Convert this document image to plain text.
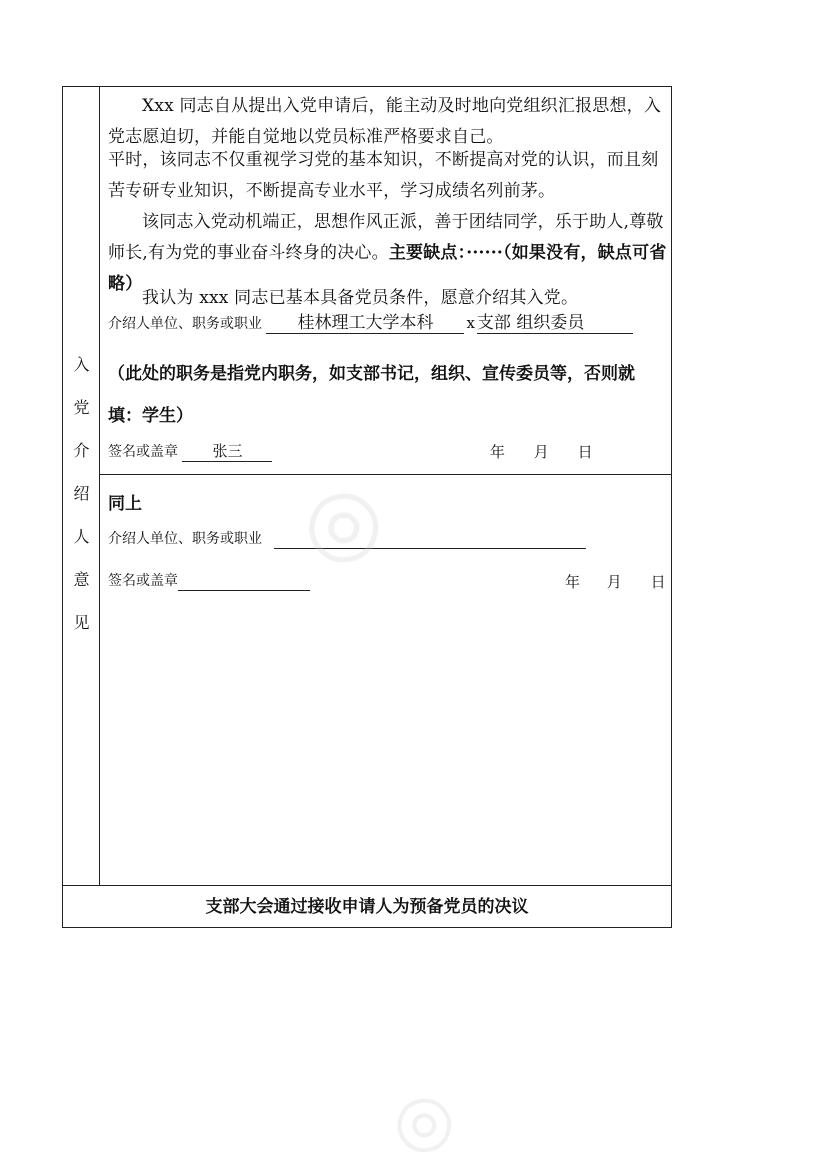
入
党
介
绍
人
意
见
Xxx 同志自从提出入党申请后，能主动及时地向党组织汇报思想，入党志愿迫切，并能自觉地以党员标准严格要求自己。
平时，该同志不仅重视学习党的基本知识，不断提高对党的认识，而且刻苦专研专业知识，不断提高专业水平，学习成绩名列前茅。
该同志入党动机端正，思想作风正派，善于团结同学，乐于助人,尊敬师长,有为党的事业奋斗终身的决心。主要缺点：······（如果没有，缺点可省略）
我认为 xxx 同志已基本具备党员条件，愿意介绍其入党。
介绍人单位、职务或职业 桂林理工大学本科 x 支部 组织委员
（此处的职务是指党内职务，如支部书记，组织、宣传委员等，否则就填：学生）
签名或盖章 张三	年 月 日
同上
介绍人单位、职务或职业
签名或盖章	年 月 日
支部大会通过接收申请人为预备党员的决议
◎
◎
